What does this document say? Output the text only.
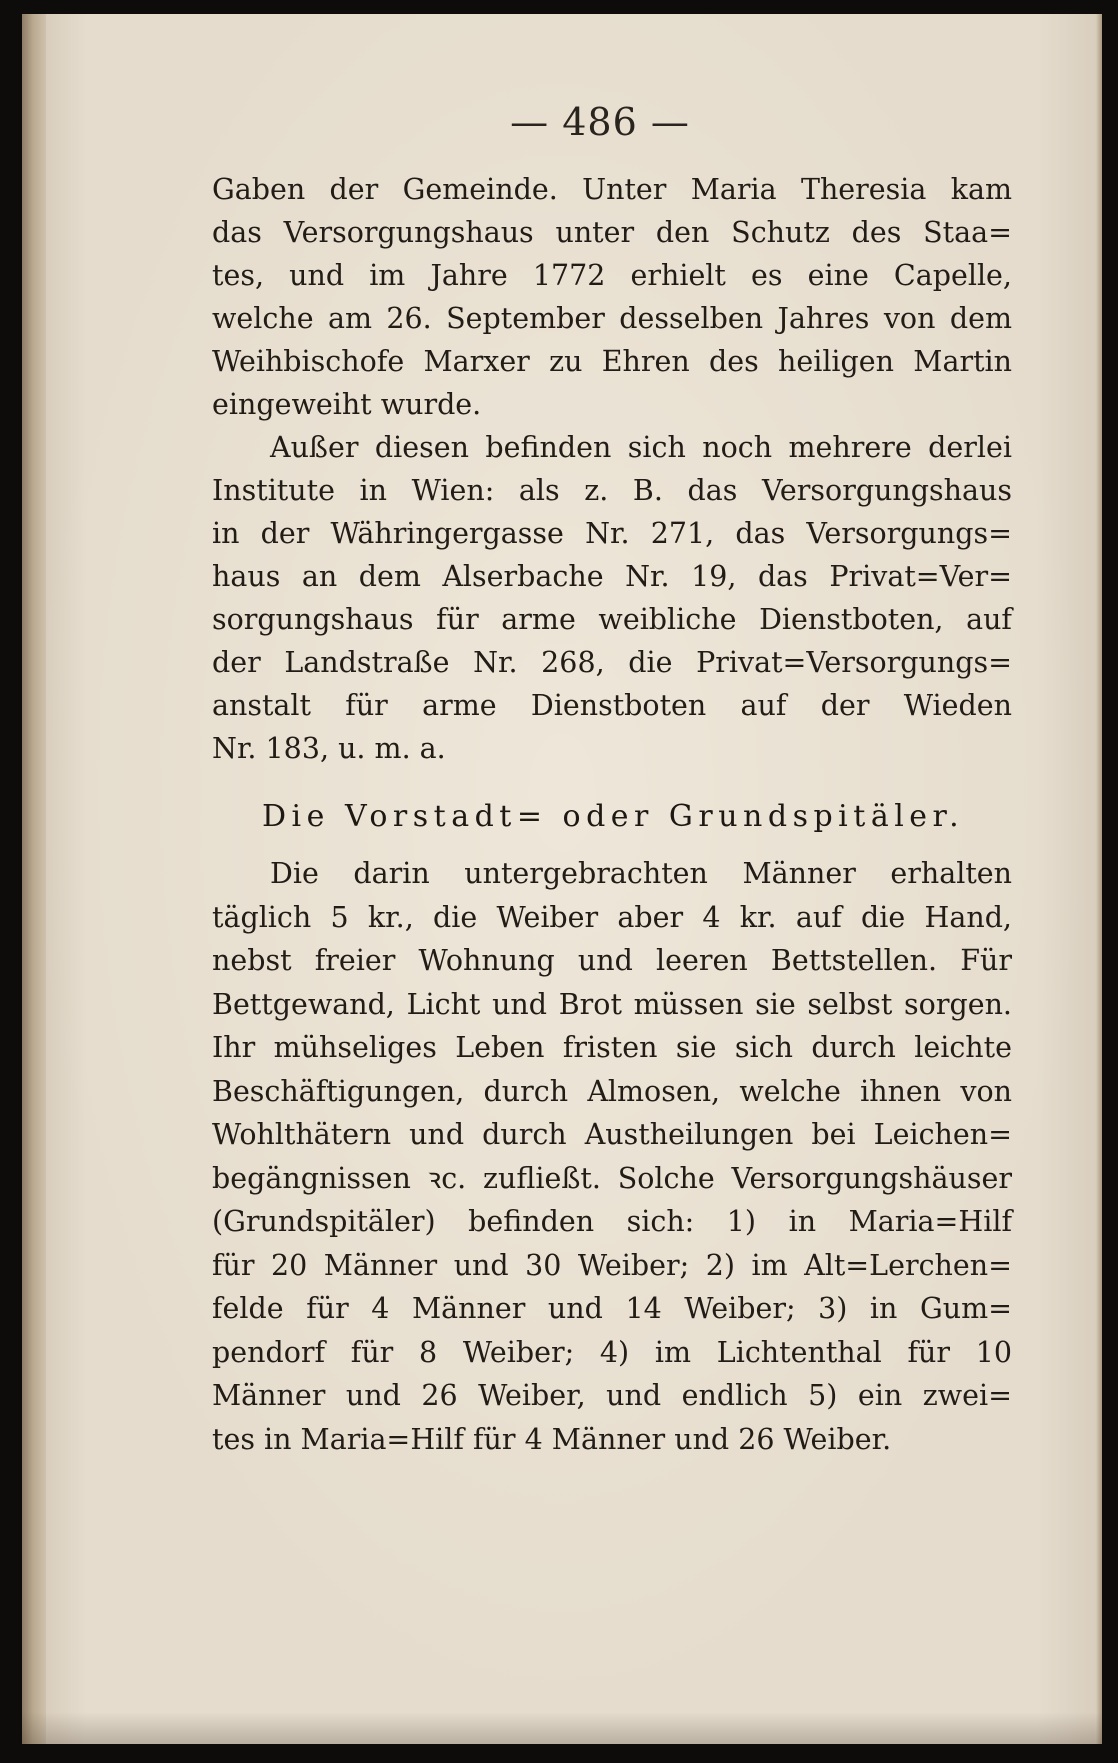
— 486 —
Gaben der Gemeinde. Unter Maria Theresia kam
das Versorgungshaus unter den Schutz des Staa=
tes, und im Jahre 1772 erhielt es eine Capelle,
welche am 26. September desselben Jahres von dem
Weihbischofe Marxer zu Ehren des heiligen Martin
eingeweiht wurde.
Außer diesen befinden sich noch mehrere derlei
Institute in Wien: als z. B. das Versorgungshaus
in der Währingergasse Nr. 271, das Versorgungs=
haus an dem Alserbache Nr. 19, das Privat=Ver=
sorgungshaus für arme weibliche Dienstboten, auf
der Landstraße Nr. 268, die Privat=Versorgungs=
anstalt für arme Dienstboten auf der Wieden
Nr. 183, u. m. a.
Die Vorstadt= oder Grundspitäler.
Die darin untergebrachten Männer erhalten
täglich 5 kr., die Weiber aber 4 kr. auf die Hand,
nebst freier Wohnung und leeren Bettstellen. Für
Bettgewand, Licht und Brot müssen sie selbst sorgen.
Ihr mühseliges Leben fristen sie sich durch leichte
Beschäftigungen, durch Almosen, welche ihnen von
Wohlthätern und durch Austheilungen bei Leichen=
begängnissen ꝛc. zufließt. Solche Versorgungshäuser
(Grundspitäler) befinden sich: 1) in Maria=Hilf
für 20 Männer und 30 Weiber; 2) im Alt=Lerchen=
felde für 4 Männer und 14 Weiber; 3) in Gum=
pendorf für 8 Weiber; 4) im Lichtenthal für 10
Männer und 26 Weiber, und endlich 5) ein zwei=
tes in Maria=Hilf für 4 Männer und 26 Weiber.
